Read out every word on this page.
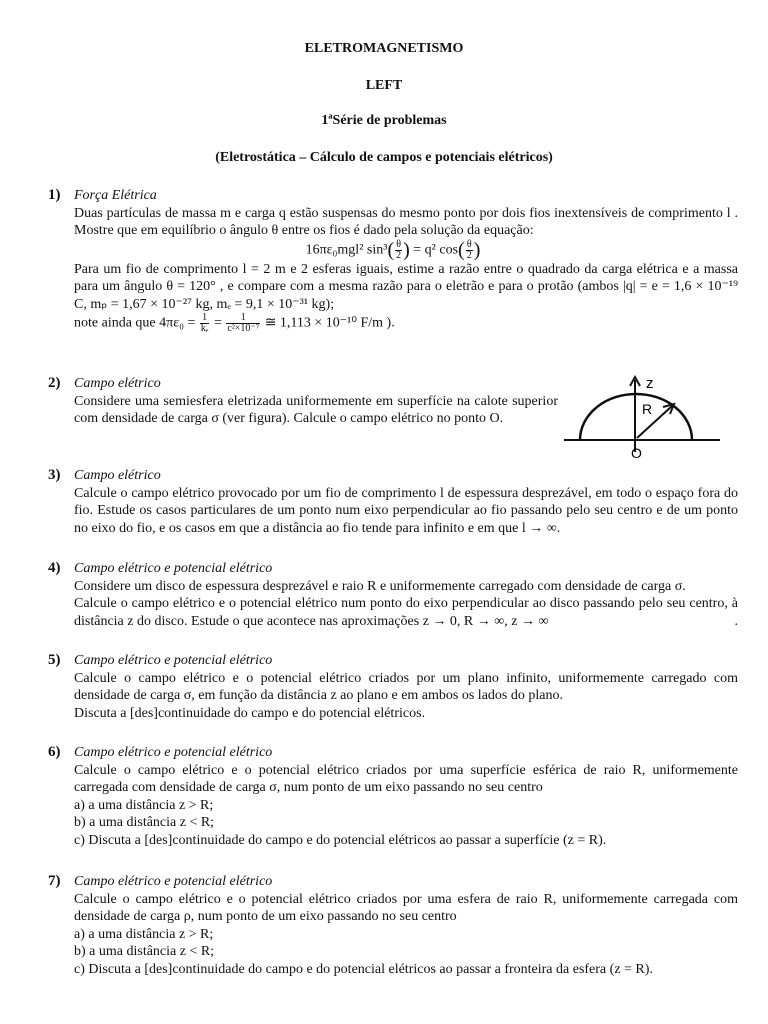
ELETROMAGNETISMO
LEFT
1ªSérie de problemas
(Eletrostática – Cálculo de campos e potenciais elétricos)
1) Força Elétrica
Duas partículas de massa m e carga q estão suspensas do mesmo ponto por dois fios inextensíveis de comprimento l . Mostre que em equilíbrio o ângulo θ entre os fios é dado pela solução da equação:
16πε₀mgl² $\sin^3( \frac{\theta}{2}$ ) = q² $\cos( \frac{\theta}{2}$ )
Para um fio de comprimento l = 2 m e 2 esferas iguais, estime a razão entre o quadrado da carga elétrica e a massa para um ângulo θ = 120° , e compare com a mesma razão para o eletrão e para o protão (ambos |q| = e = 1,6 × 10⁻¹⁹ C, mₚ = 1,67 × 10⁻²⁷ kg, mₑ = 9,1 × 10⁻³¹ kg);
note ainda que $4\pi\varepsilon_0 = \frac{1}{\text{kₑ}} = \frac{1}{\text{c²×10⁻⁷}}$ ≅ 1,113 × 10⁻¹⁰ F/m ).
2) Campo elétrico
Considere uma semiesfera eletrizada uniformemente em superfície na calote superior com densidade de carga σ (ver figura). Calcule o campo elétrico no ponto O.
z
R
O
3) Campo elétrico
Calcule o campo elétrico provocado por um fio de comprimento l de espessura desprezável, em todo o espaço fora do fio. Estude os casos particulares de um ponto num eixo perpendicular ao fio passando pelo seu centro e de um ponto no eixo do fio, e os casos em que a distância ao fio tende para infinito e em que l → ∞.
4) Campo elétrico e potencial elétrico
Considere um disco de espessura desprezável e raio R e uniformemente carregado com densidade de carga σ.
Calcule o campo elétrico e o potencial elétrico num ponto do eixo perpendicular ao disco passando pelo seu centro, à distância z do disco. Estude o que acontece nas aproximações z → 0, R → ∞, z → ∞	.
5) Campo elétrico e potencial elétrico
Calcule o campo elétrico e o potencial elétrico criados por um plano infinito, uniformemente carregado com densidade de carga σ, em função da distância z ao plano e em ambos os lados do plano.
Discuta a [des]continuidade do campo e do potencial elétricos.
6) Campo elétrico e potencial elétrico
Calcule o campo elétrico e o potencial elétrico criados por uma superfície esférica de raio R, uniformemente carregada com densidade de carga σ, num ponto de um eixo passando no seu centro
a) a uma distância z > R;
b) a uma distância z < R;
c) Discuta a [des]continuidade do campo e do potencial elétricos ao passar a superfície (z = R).
7) Campo elétrico e potencial elétrico
Calcule o campo elétrico e o potencial elétrico criados por uma esfera de raio R, uniformemente carregada com densidade de carga ρ, num ponto de um eixo passando no seu centro
a) a uma distância z > R;
b) a uma distância z < R;
c) Discuta a [des]continuidade do campo e do potencial elétricos ao passar a fronteira da esfera (z = R).
